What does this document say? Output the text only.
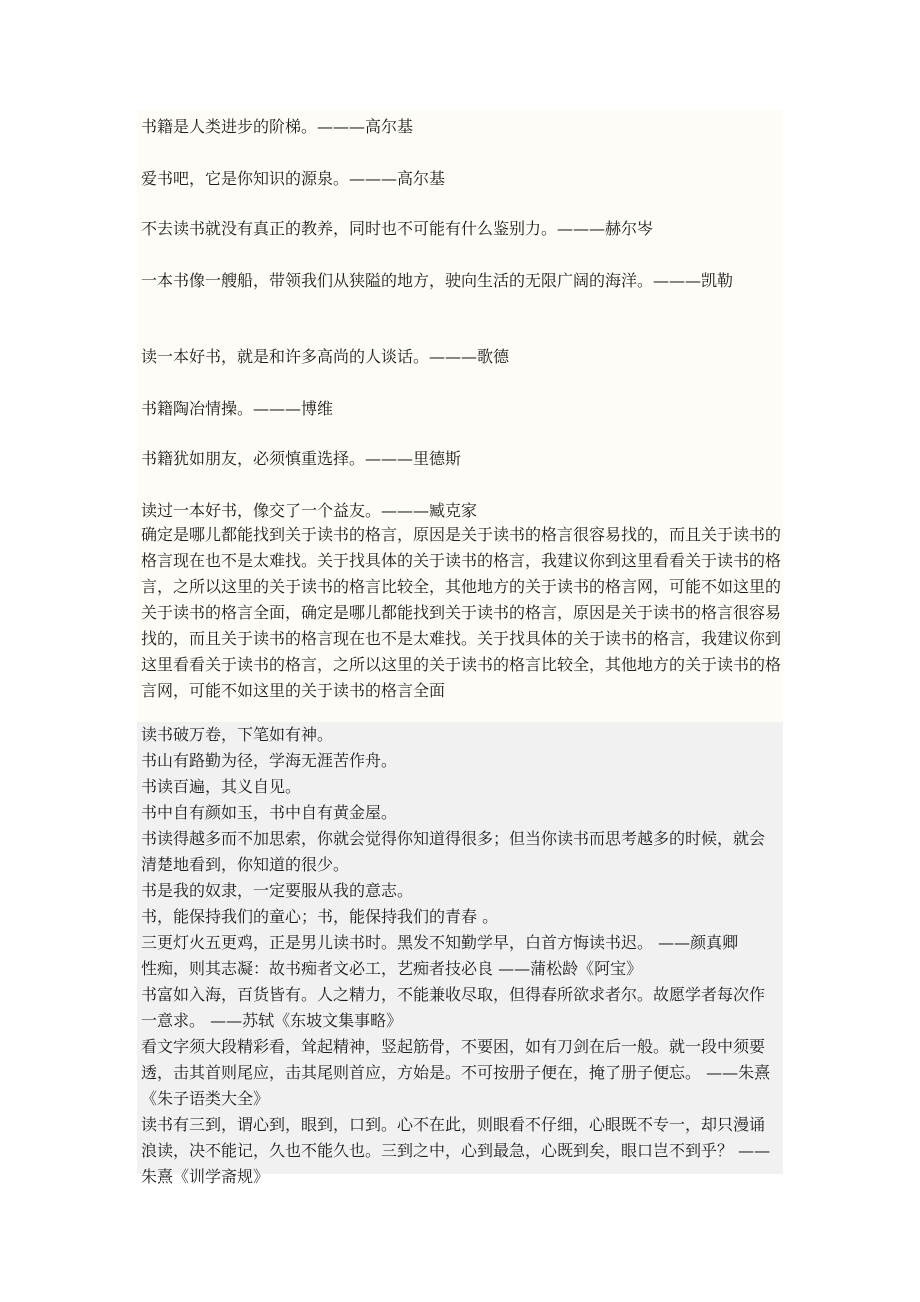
书籍是人类进步的阶梯。———高尔基
爱书吧，它是你知识的源泉。———高尔基
不去读书就没有真正的教养，同时也不可能有什么鉴别力。———赫尔岑
一本书像一艘船，带领我们从狭隘的地方，驶向生活的无限广阔的海洋。———凯勒
读一本好书，就是和许多高尚的人谈话。———歌德
书籍陶冶情操。———博维
书籍犹如朋友，必须慎重选择。———里德斯
读过一本好书，像交了一个益友。———臧克家
确定是哪儿都能找到关于读书的格言，原因是关于读书的格言很容易找的，而且关于读书的格言现在也不是太难找。关于找具体的关于读书的格言，我建议你到这里看看关于读书的格言，之所以这里的关于读书的格言比较全，其他地方的关于读书的格言网，可能不如这里的关于读书的格言全面，确定是哪儿都能找到关于读书的格言，原因是关于读书的格言很容易找的，而且关于读书的格言现在也不是太难找。关于找具体的关于读书的格言，我建议你到这里看看关于读书的格言，之所以这里的关于读书的格言比较全，其他地方的关于读书的格言网，可能不如这里的关于读书的格言全面

读书破万卷，下笔如有神。

书山有路勤为径，学海无涯苦作舟。

书读百遍，其义自见。

书中自有颜如玉，书中自有黄金屋。

书读得越多而不加思索，你就会觉得你知道得很多；但当你读书而思考越多的时候，就会清楚地看到，你知道的很少。

书是我的奴隶，一定要服从我的意志。

书，能保持我们的童心；书，能保持我们的青春 。

三更灯火五更鸡，正是男儿读书时。黑发不知勤学早，白首方悔读书迟。 ——颜真卿

性痴，则其志凝：故书痴者文必工，艺痴者技必良 ——蒲松龄《阿宝》

书富如入海，百货皆有。人之精力，不能兼收尽取，但得春所欲求者尔。故愿学者每次作一意求。 ——苏轼《东坡文集事略》

看文字须大段精彩看，耸起精神，竖起筋骨，不要困，如有刀剑在后一般。就一段中须要透，击其首则尾应，击其尾则首应，方始是。不可按册子便在，掩了册子便忘。 ——朱熹《朱子语类大全》

读书有三到，谓心到，眼到，口到。心不在此，则眼看不仔细，心眼既不专一，却只漫诵浪读，决不能记，久也不能久也。三到之中，心到最急，心既到矣，眼口岂不到乎？ ——朱熹《训学斋规》
